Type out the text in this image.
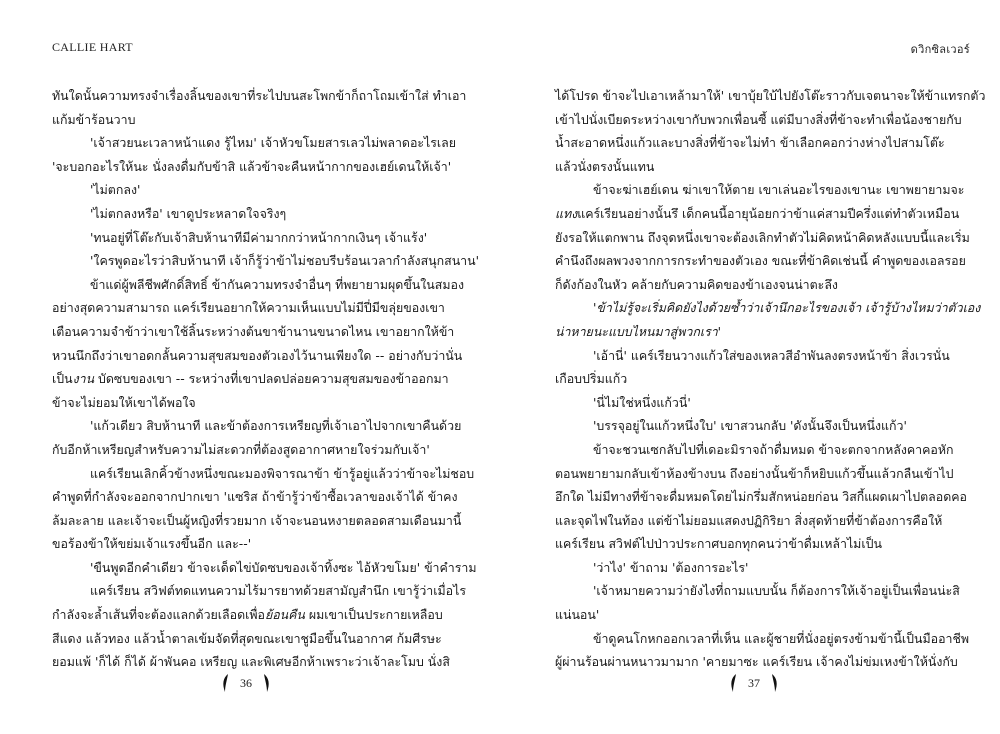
CALLIE HART
ทันใดนั้นความทรงจำเรื่องลิ้นของเขาที่ระไปบนสะโพกข้าก็ถาโถมเข้าใส่ ทำเอา
แก้มข้าร้อนวาบ
'เจ้าสวยนะเวลาหน้าแดง รู้ไหม' เจ้าหัวขโมยสารเลวไม่พลาดอะไรเลย
'จะบอกอะไรให้นะ นั่งลงดื่มกับข้าสิ แล้วข้าจะคืนหน้ากากของเฮย์เดนให้เจ้า'
'ไม่ตกลง'
'ไม่ตกลงหรือ' เขาดูประหลาดใจจริงๆ
'ทนอยู่ที่โต๊ะกับเจ้าสิบห้านาทีมีค่ามากกว่าหน้ากากเงินๆ เจ้าแร้ง'
'ใครพูดอะไรว่าสิบห้านาที เจ้าก็รู้ว่าข้าไม่ชอบรีบร้อนเวลากำลังสนุกสนาน'
ข้าแด่ผู้พลีชีพศักดิ์สิทธิ์ ข้ากันความทรงจำอื่นๆ ที่พยายามผุดขึ้นในสมอง
อย่างสุดความสามารถ แคร์เรียนอยากให้ความเห็นแบบไม่มีปี่มีขลุ่ยของเขา
เตือนความจำข้าว่าเขาใช้ลิ้นระหว่างต้นขาข้านานขนาดไหน เขาอยากให้ข้า
หวนนึกถึงว่าเขาอดกลั้นความสุขสมของตัวเองไว้นานเพียงใด -- อย่างกับว่านั่น
เป็นงาน บัดซบของเขา -- ระหว่างที่เขาปลดปล่อยความสุขสมของข้าออกมา
ข้าจะไม่ยอมให้เขาได้พอใจ
'แก้วเดียว สิบห้านาที และข้าต้องการเหรียญที่เจ้าเอาไปจากเขาคืนด้วย
กับอีกห้าเหรียญสำหรับความไม่สะดวกที่ต้องสูดอากาศหายใจร่วมกับเจ้า'
แคร์เรียนเลิกคิ้วข้างหนึ่งขณะมองพิจารณาข้า ข้ารู้อยู่แล้วว่าข้าจะไม่ชอบ
คำพูดที่กำลังจะออกจากปากเขา 'แซริส ถ้าข้ารู้ว่าข้าซื้อเวลาของเจ้าได้ ข้าคง
ล้มละลาย และเจ้าจะเป็นผู้หญิงที่รวยมาก เจ้าจะนอนหงายตลอดสามเดือนมานี้
ขอร้องข้าให้ขย่มเจ้าแรงขึ้นอีก และ--'
'ขืนพูดอีกคำเดียว ข้าจะเด็ดไข่บัดซบของเจ้าทิ้งซะ ไอ้หัวขโมย' ข้าคำราม
แคร์เรียน สวิฟต์ทดแทนความไร้มารยาทด้วยสามัญสำนึก เขารู้ว่าเมื่อไร
กำลังจะล้ำเส้นที่จะต้องแลกด้วยเลือดเพื่อย้อนคืน ผมเขาเป็นประกายเหลือบ
สีแดง แล้วทอง แล้วน้ำตาลเข้มจัดที่สุดขณะเขาชูมือขึ้นในอากาศ ก้มศีรษะ
ยอมแพ้ 'ก็ได้ ก็ได้ ผ้าพันคอ เหรียญ และพิเศษอีกห้าเพราะว่าเจ้าละโมบ นั่งสิ
36
ดวิกซิลเวอร์
ได้โปรด ข้าจะไปเอาเหล้ามาให้' เขาบุ้ยใบ้ไปยังโต๊ะราวกับเจตนาจะให้ข้าแทรกตัว
เข้าไปนั่งเบียดระหว่างเขากับพวกเพื่อนซี้ แต่มีบางสิ่งที่ข้าจะทำเพื่อน้องชายกับ
น้ำสะอาดหนึ่งแก้วและบางสิ่งที่ข้าจะไม่ทำ ข้าเลือกคอกว่างห่างไปสามโต๊ะ
แล้วนั่งตรงนั้นแทน
ข้าจะฆ่าเฮย์เดน ฆ่าเขาให้ตาย เขาเล่นอะไรของเขานะ เขาพยายามจะ
แทงแคร์เรียนอย่างนั้นรึ เด็กคนนี้อายุน้อยกว่าข้าแค่สามปีครึ่งแต่ทำตัวเหมือน
ยังรอให้แตกพาน ถึงจุดหนึ่งเขาจะต้องเลิกทำตัวไม่คิดหน้าคิดหลังแบบนี้และเริ่ม
คำนึงถึงผลพวงจากการกระทำของตัวเอง ขณะที่ข้าคิดเช่นนี้ คำพูดของเอลรอย
ก็ดังก้องในหัว คล้ายกับความคิดของข้าเองจนน่าตะลึง
'ข้าไม่รู้จะเริ่มคิดยังไงด้วยซ้ำว่าเจ้านึกอะไรของเจ้า เจ้ารู้บ้างไหมว่าตัวเอง
น่าหายนะแบบไหนมาสู่พวกเรา'
'เอ้านี่' แคร์เรียนวางแก้วใส่ของเหลวสีอำพันลงตรงหน้าข้า สิ่งเวรนั่น
เกือบปริ่มแก้ว
'นี่ไม่ใช่หนึ่งแก้วนี่'
'บรรจุอยู่ในแก้วหนึ่งใบ' เขาสวนกลับ 'ดังนั้นจึงเป็นหนึ่งแก้ว'
ข้าจะชวนเซกลับไปที่เดอะมิราจถ้าดื่มหมด ข้าจะตกจากหลังคาคอหัก
ตอนพยายามกลับเข้าห้องข้างบน ถึงอย่างนั้นข้าก็หยิบแก้วขึ้นแล้วกลืนเข้าไป
อึกใด ไม่มีทางที่ข้าจะดื่มหมดโดยไม่กรึ่มสักหน่อยก่อน วิสกี้แผดเผาไปตลอดคอ
และจุดไฟในท้อง แต่ข้าไม่ยอมแสดงปฏิกิริยา สิ่งสุดท้ายที่ข้าต้องการคือให้
แคร์เรียน สวิฟต์ไปป่าวประกาศบอกทุกคนว่าข้าดื่มเหล้าไม่เป็น
'ว่าไง' ข้าถาม 'ต้องการอะไร'
'เจ้าหมายความว่ายังไงที่ถามแบบนั้น ก็ต้องการให้เจ้าอยู่เป็นเพื่อนน่ะสิ
แน่นอน'
ข้าดูคนโกหกออกเวลาที่เห็น และผู้ชายที่นั่งอยู่ตรงข้ามข้านี้เป็นมืออาชีพ
ผู้ผ่านร้อนผ่านหนาวมามาก 'คายมาซะ แคร์เรียน เจ้าคงไม่ข่มเหงข้าให้นั่งกับ
37
